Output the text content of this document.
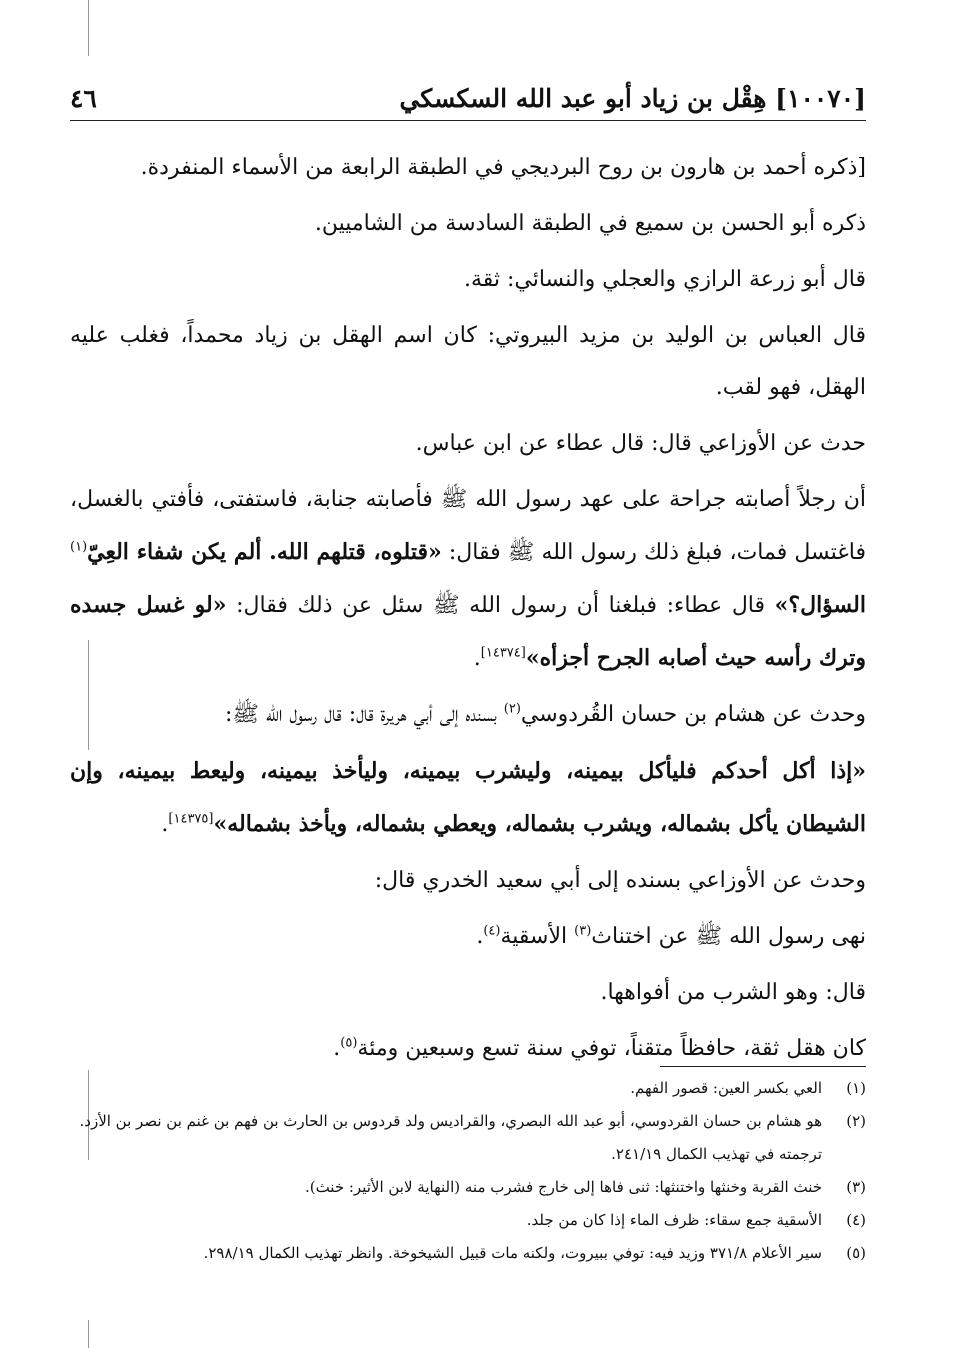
[١٠٠٧٠] هِقْل بن زياد أبو عبد الله السكسكي
٤٦

[ذكره أحمد بن هارون بن روح البرديجي في الطبقة الرابعة من الأسماء المنفردة.

ذكره أبو الحسن بن سميع في الطبقة السادسة من الشاميين.

قال أبو زرعة الرازي والعجلي والنسائي: ثقة.

قال العباس بن الوليد بن مزيد البيروتي: كان اسم الهقل بن زياد محمداً، فغلب عليه الهقل، فهو لقب.

حدث عن الأوزاعي قال: قال عطاء عن ابن عباس.

أن رجلاً أصابته جراحة على عهد رسول الله ﷺ فأصابته جنابة، فاستفتى، فأفتي بالغسل، فاغتسل فمات، فبلغ ذلك رسول الله ﷺ فقال: «قتلوه، قتلهم الله. ألم يكن شفاء العِيّ$^{(١)}$ السؤال؟» قال عطاء: فبلغنا أن رسول الله ﷺ سئل عن ذلك فقال: «لو غسل جسده وترك رأسه حيث أصابه الجرح أجزأه»[١٤٣٧٤].

وحدث عن هشام بن حسان القُردوسي$^{(٢)}$ بسنده إلى أبي هريرة قال: قال رسول الله ﷺ:

«إذا أكل أحدكم فليأكل بيمينه، وليشرب بيمينه، وليأخذ بيمينه، وليعط بيمينه، وإن الشيطان يأكل بشماله، ويشرب بشماله، ويعطي بشماله، ويأخذ بشماله»[١٤٣٧٥].

وحدث عن الأوزاعي بسنده إلى أبي سعيد الخدري قال:

نهى رسول الله ﷺ عن اختناث$^{(٣)}$ الأسقية$^{(٤)}$.

قال: وهو الشرب من أفواهها.

كان هقل ثقة، حافظاً متقناً، توفي سنة تسع وسبعين ومئة$^{(٥)}$.

(١)
العي بكسر العين: قصور الفهم.
(٢)
هو هشام بن حسان القردوسي، أبو عبد الله البصري، والقراديس ولد قردوس بن الحارث بن فهم بن غنم بن نصر بن الأزد. ترجمته في تهذيب الكمال ٢٤١/١٩.
(٣)
خنث القربة وخنثها واختنثها: ثنى فاها إلى خارج فشرب منه (النهاية لابن الأثير: خنث).
(٤)
الأسقية جمع سقاء: ظرف الماء إذا كان من جلد.
(٥)
سير الأعلام ٣٧١/٨ وزيد فيه: توفي ببيروت، ولكنه مات قبيل الشيخوخة. وانظر تهذيب الكمال ٢٩٨/١٩.
